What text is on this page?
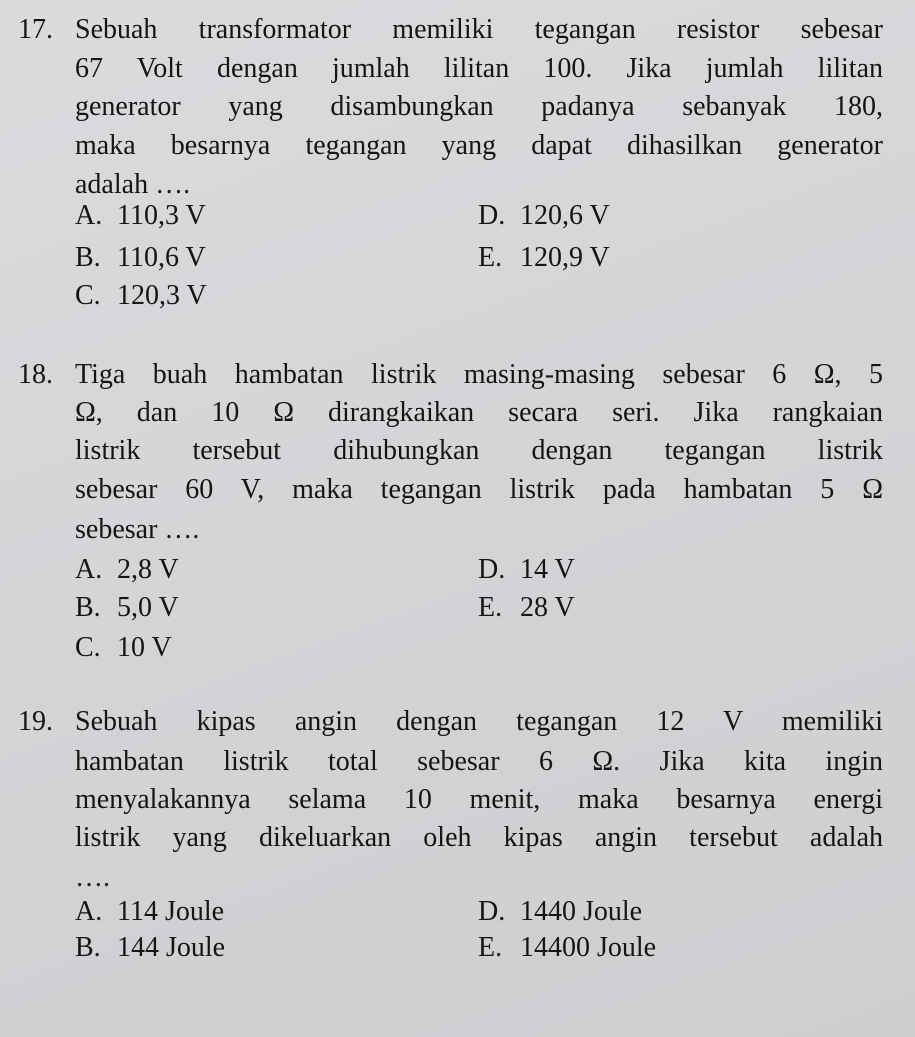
17. Sebuah transformator memiliki tegangan resistor sebesar
67 Volt dengan jumlah lilitan 100. Jika jumlah lilitan
generator yang disambungkan padanya sebanyak 180,
maka besarnya tegangan yang dapat dihasilkan generator
adalah ….
A. 110,3 V
B. 110,6 V
C. 120,3 V
D. 120,6 V
E. 120,9 V
18. Tiga buah hambatan listrik masing-masing sebesar 6 Ω, 5
Ω, dan 10 Ω dirangkaikan secara seri. Jika rangkaian
listrik tersebut dihubungkan dengan tegangan listrik
sebesar 60 V, maka tegangan listrik pada hambatan 5 Ω
sebesar ….
A. 2,8 V
B. 5,0 V
C. 10 V
D. 14 V
E. 28 V
19. Sebuah kipas angin dengan tegangan 12 V memiliki
hambatan listrik total sebesar 6 Ω. Jika kita ingin
menyalakannya selama 10 menit, maka besarnya energi
listrik yang dikeluarkan oleh kipas angin tersebut adalah
….
A. 114 Joule
B. 144 Joule
D. 1440 Joule
E. 14400 Joule
